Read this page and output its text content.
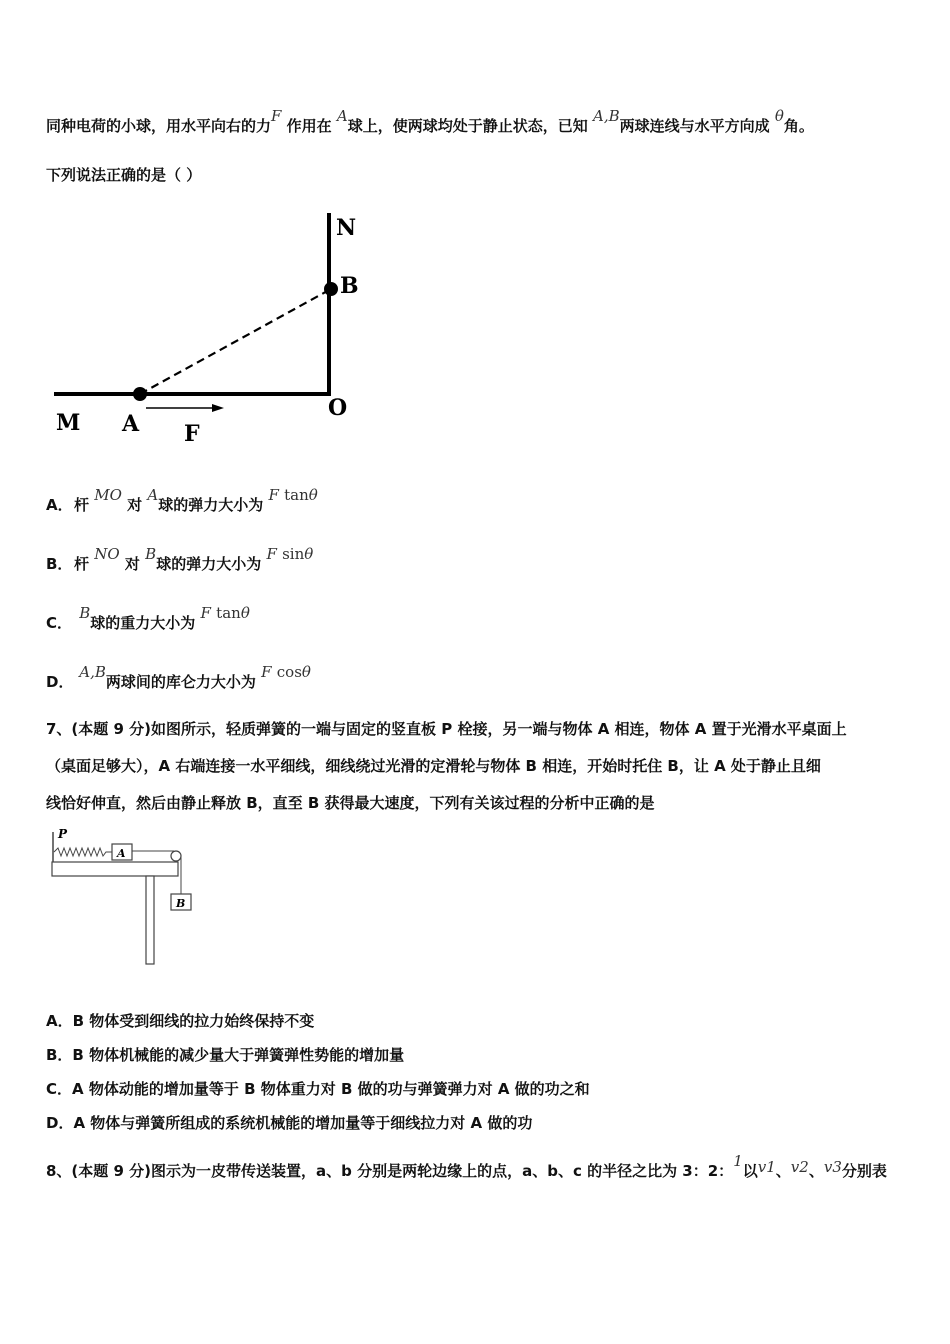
同种电荷的小球，用水平向右的力F 作用在 A球上，使两球均处于静止状态，已知 A,B两球连线与水平方向成 θ角。
下列说法正确的是（ ）
N
B
O
M A F
A．杆 MO 对 A球的弹力大小为 F tanθ
B． 杆 NO 对 B球的弹力大小为 F sinθ
C． B球的重力大小为 F tanθ
D． A,B两球间的库仑力大小为 F cosθ
7、(本题 9 分)如图所示，轻质弹簧的一端与固定的竖直板 P 栓接，另一端与物体 A 相连，物体 A 置于光滑水平桌面上
（桌面足够大），A 右端连接一水平细线，细线绕过光滑的定滑轮与物体 B 相连，开始时托住 B，让 A 处于静止且细
线恰好伸直，然后由静止释放 B，直至 B 获得最大速度，下列有关该过程的分析中正确的是
P
A
B
A．B 物体受到细线的拉力始终保持不变
B．B 物体机械能的减少量大于弹簧弹性势能的增加量
C．A 物体动能的增加量等于 B 物体重力对 B 做的功与弹簧弹力对 A 做的功之和
D．A 物体与弹簧所组成的系统机械能的增加量等于细线拉力对 A 做的功
8、(本题 9 分)图示为一皮带传送装置，a、b 分别是两轮边缘上的点，a、b、c 的半径之比为 3：2：1以v1、v2、v3分别表
